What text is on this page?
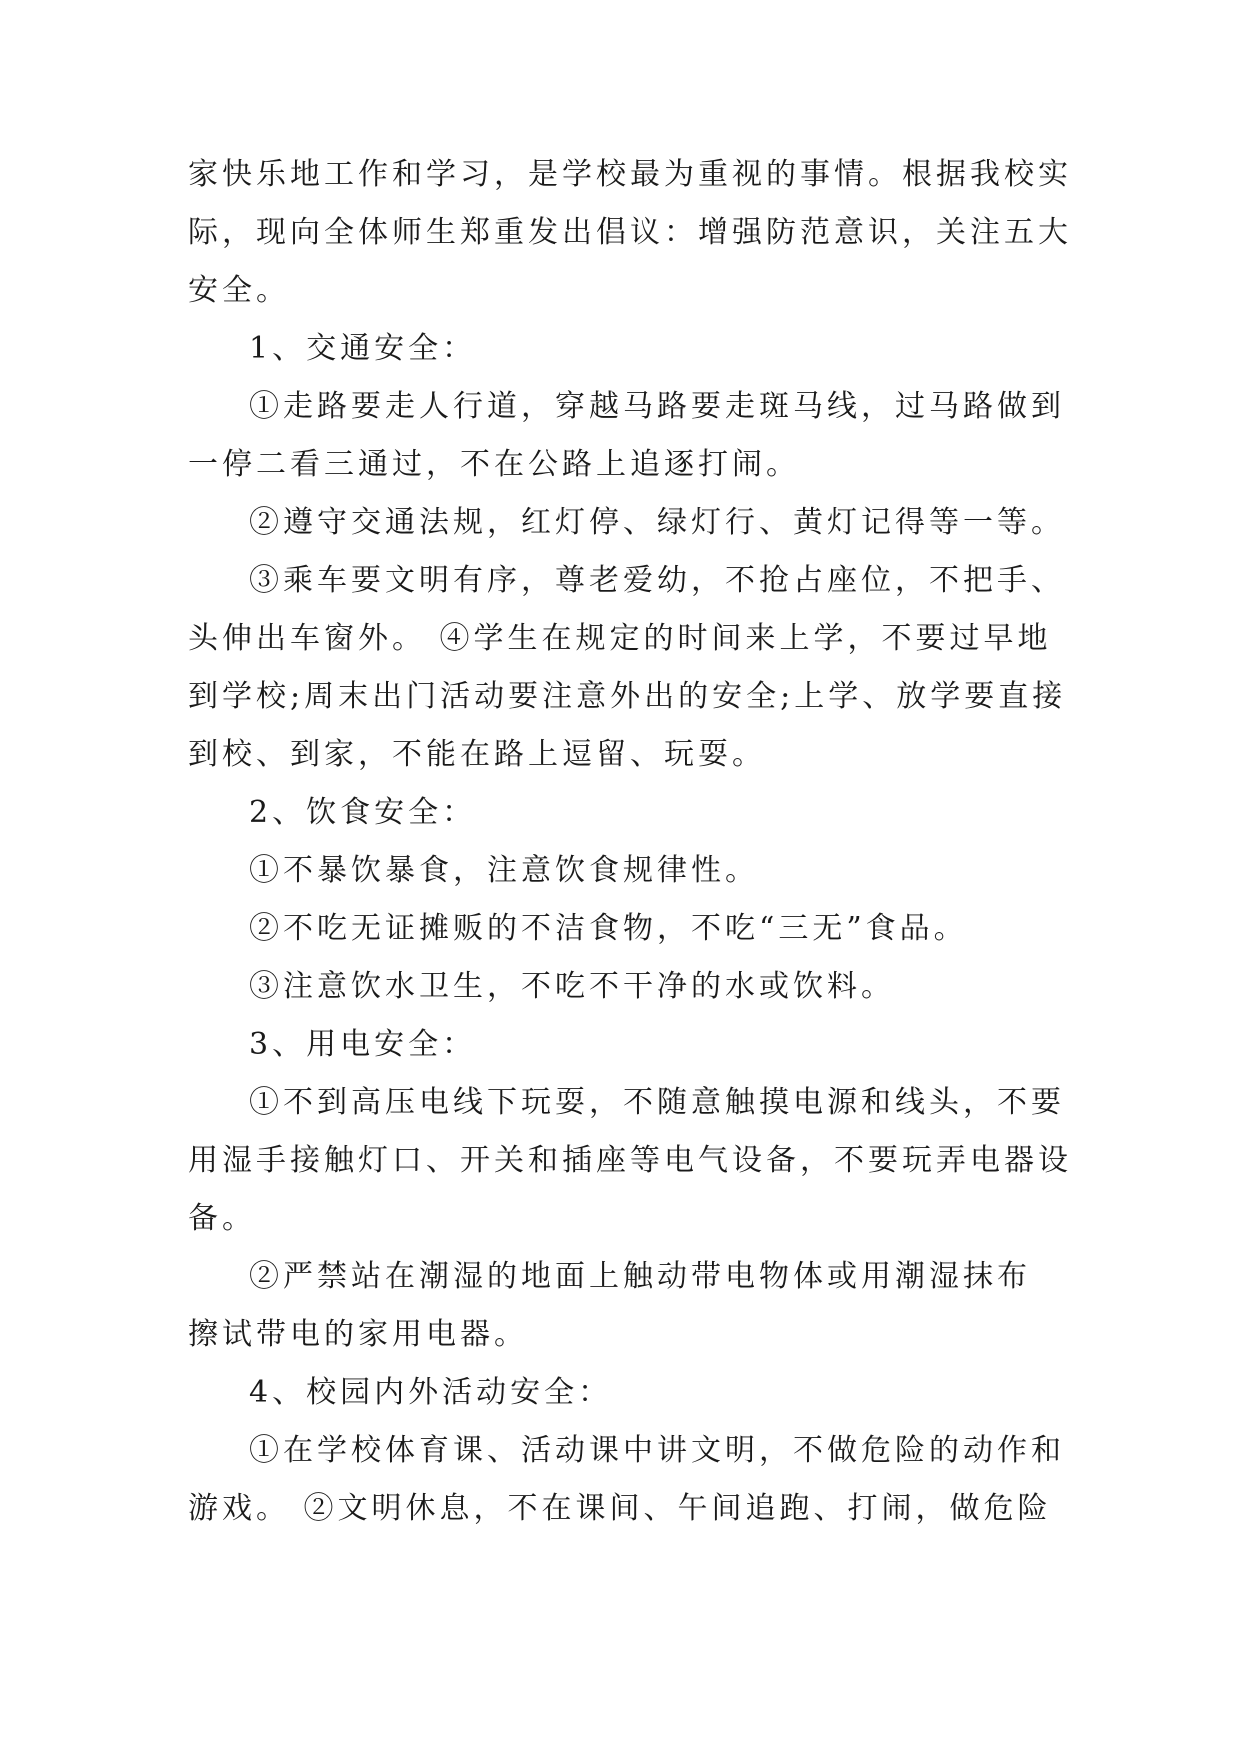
家快乐地工作和学习，是学校最为重视的事情。根据我校实
际，现向全体师生郑重发出倡议：增强防范意识，关注五大
安全。
1、交通安全：
①走路要走人行道，穿越马路要走斑马线，过马路做到
一停二看三通过，不在公路上追逐打闹。
②遵守交通法规，红灯停、绿灯行、黄灯记得等一等。
③乘车要文明有序，尊老爱幼，不抢占座位，不把手、
头伸出车窗外。 ④学生在规定的时间来上学，不要过早地
到学校;周末出门活动要注意外出的安全;上学、放学要直接
到校、到家，不能在路上逗留、玩耍。
2、饮食安全：
①不暴饮暴食，注意饮食规律性。
②不吃无证摊贩的不洁食物，不吃“三无”食品。
③注意饮水卫生，不吃不干净的水或饮料。
3、用电安全：
①不到高压电线下玩耍，不随意触摸电源和线头，不要
用湿手接触灯口、开关和插座等电气设备，不要玩弄电器设
备。
②严禁站在潮湿的地面上触动带电物体或用潮湿抹布
擦试带电的家用电器。
4、校园内外活动安全：
①在学校体育课、活动课中讲文明，不做危险的动作和
游戏。 ②文明休息，不在课间、午间追跑、打闹，做危险
